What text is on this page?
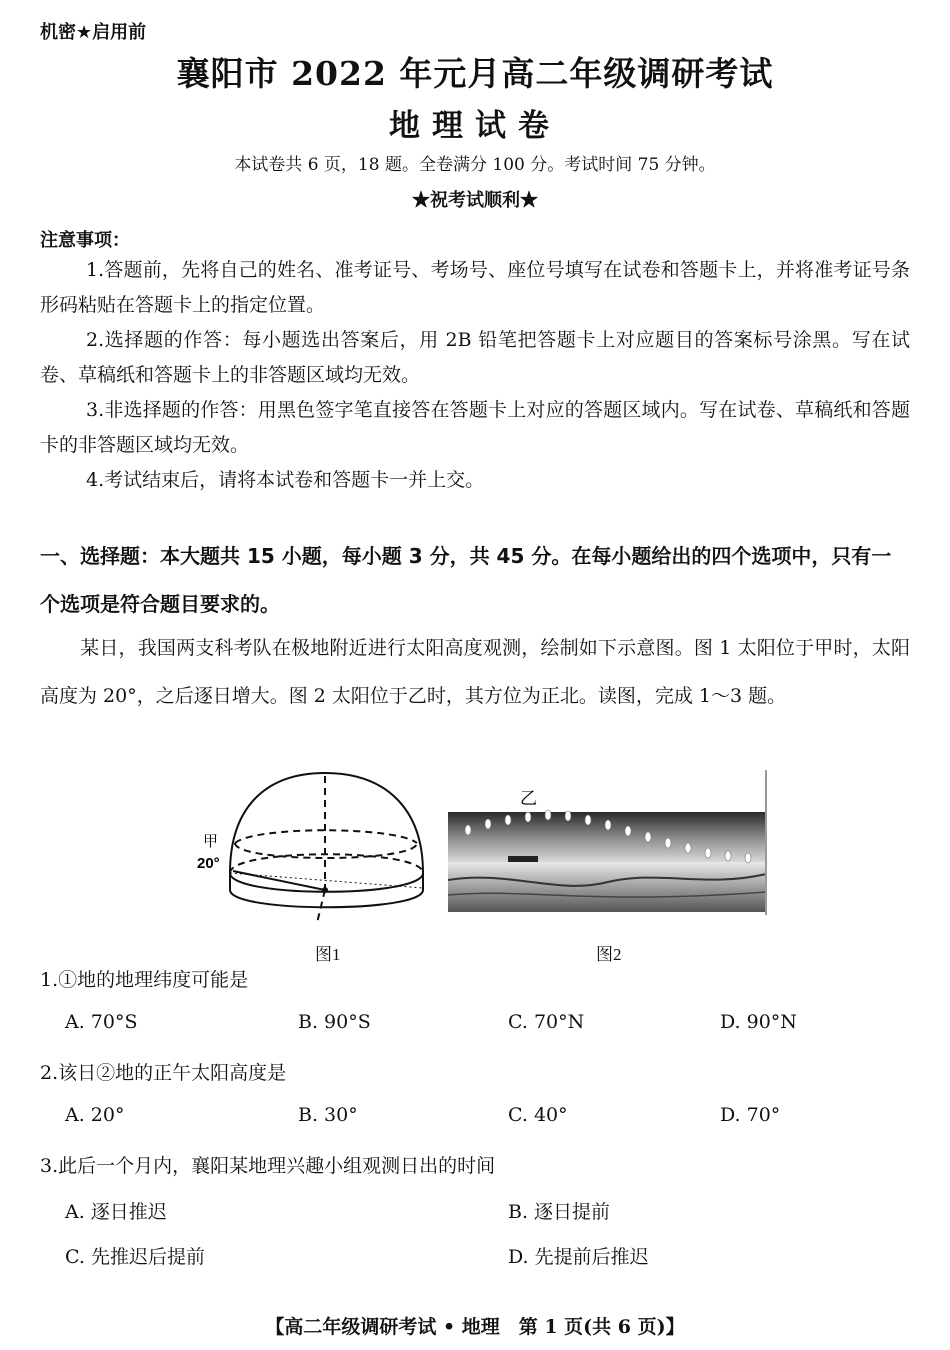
机密★启用前
襄阳市 2022 年元月高二年级调研考试
地理试卷
本试卷共 6 页，18 题。全卷满分 100 分。考试时间 75 分钟。
★祝考试顺利★
注意事项：
1.答题前，先将自己的姓名、准考证号、考场号、座位号填写在试卷和答题卡上，并将准考证号条形码粘贴在答题卡上的指定位置。
2.选择题的作答：每小题选出答案后，用 2B 铅笔把答题卡上对应题目的答案标号涂黑。写在试卷、草稿纸和答题卡上的非答题区域均无效。
3.非选择题的作答：用黑色签字笔直接答在答题卡上对应的答题区域内。写在试卷、草稿纸和答题卡的非答题区域均无效。
4.考试结束后，请将本试卷和答题卡一并上交。
一、选择题：本大题共 15 小题，每小题 3 分，共 45 分。在每小题给出的四个选项中，只有一个选项是符合题目要求的。
某日，我国两支科考队在极地附近进行太阳高度观测，绘制如下示意图。图 1 太阳位于甲时，太阳高度为 20°，之后逐日增大。图 2 太阳位于乙时，其方位为正北。读图，完成 1～3 题。
甲
20°
图1
乙
图2
1.①地的地理纬度可能是
A. 70°S	B. 90°S	C. 70°N	D. 90°N
2.该日②地的正午太阳高度是
A. 20°	B. 30°	C. 40°	D. 70°
3.此后一个月内，襄阳某地理兴趣小组观测日出的时间
A. 逐日推迟	B. 逐日提前
C. 先推迟后提前	D. 先提前后推迟
【高二年级调研考试 • 地理　第 1 页(共 6 页)】
